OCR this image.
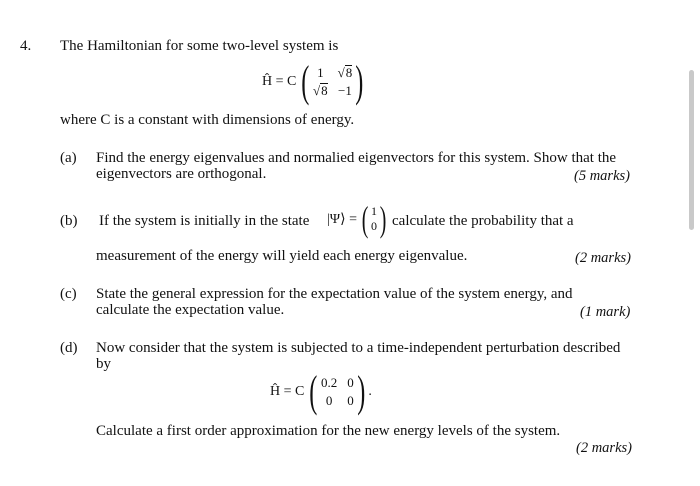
4. The Hamiltonian for some two-level system is
Ĥ = C ( 1	√ 8
√ 8 −1 )
where C is a constant with dimensions of energy.
(a) Find the energy eigenvalues and normalied eigenvectors for this system. Show that the
eigenvectors are orthogonal.	(5 marks)
(b) If the system is initially in the state |Ψ⟩ = ( 1
0 ) calculate the probability that a
measurement of the energy will yield each energy eigenvalue.	(2 marks)
(c) State the general expression for the expectation value of the system energy, and
calculate the expectation value.	(1 mark)
(d) Now consider that the system is subjected to a time-independent perturbation described
by
Ĥ = C ( 0.2 0
0	0 ) .
Calculate a first order approximation for the new energy levels of the system.
(2 marks)
